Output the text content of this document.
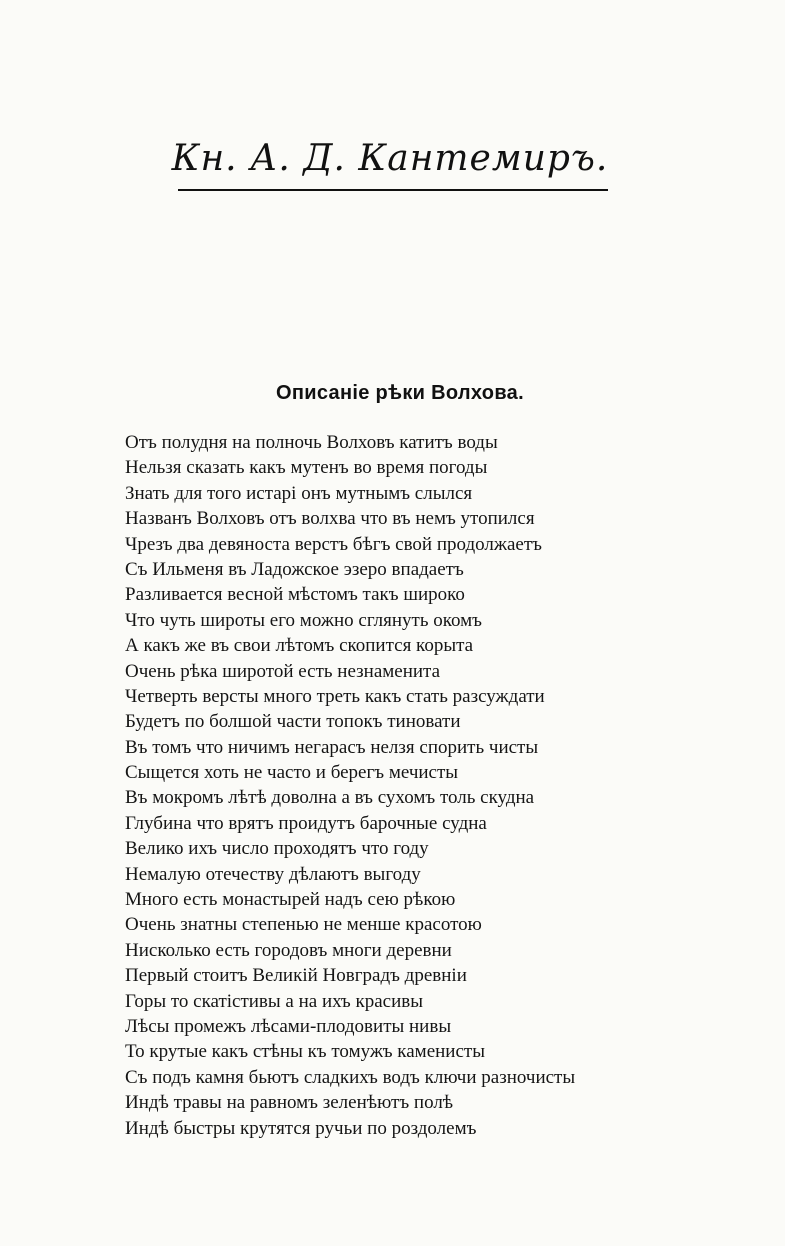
Кн. А. Д. Кантемиръ.
Описанiе рѣки Волхова.
Отъ полудня на полночь Волховъ катитъ воды
Нельзя сказать какъ мутенъ во время погоды
Знать для того истарi онъ мутнымъ слылся
Названъ Волховъ отъ волхва что въ немъ утопился
Чрезъ два девяноста верстъ бѣгъ свой продолжаетъ
Съ Ильменя въ Ладожское эзеро впадаетъ
Разливается весной мѣстомъ такъ широко
Что чуть широты его можно сглянуть окомъ
А какъ же въ свои лѣтомъ скопится корыта
Очень рѣка широтой есть незнаменита
Четверть версты много треть какъ стать разсуждати
Будетъ по болшой части топокъ тиновати
Въ томъ что ничимъ негарасъ нелзя спорить чисты
Сыщется хоть не часто и берегъ мечисты
Въ мокромъ лѣтѣ доволна а въ сухомъ толь скудна
Глубина что врятъ проидутъ барочные судна
Велико ихъ число проходятъ что году
Немалую отечеству дѣлаютъ выгоду
Много есть монастырей надъ сею рѣкою
Очень знатны степенью не менше красотою
Нисколько есть городовъ многи деревни
Первый стоитъ Великiй Новградъ древнiи
Горы то скатiстивы а на ихъ красивы
Лѣсы промежъ лѣсами-плодовиты нивы
То крутые какъ стѣны къ томужъ каменисты
Съ подъ камня бьютъ сладкихъ водъ ключи разночисты
Индѣ травы на равномъ зеленѣютъ полѣ
Индѣ быстры крутятся ручьи по роздолемъ
